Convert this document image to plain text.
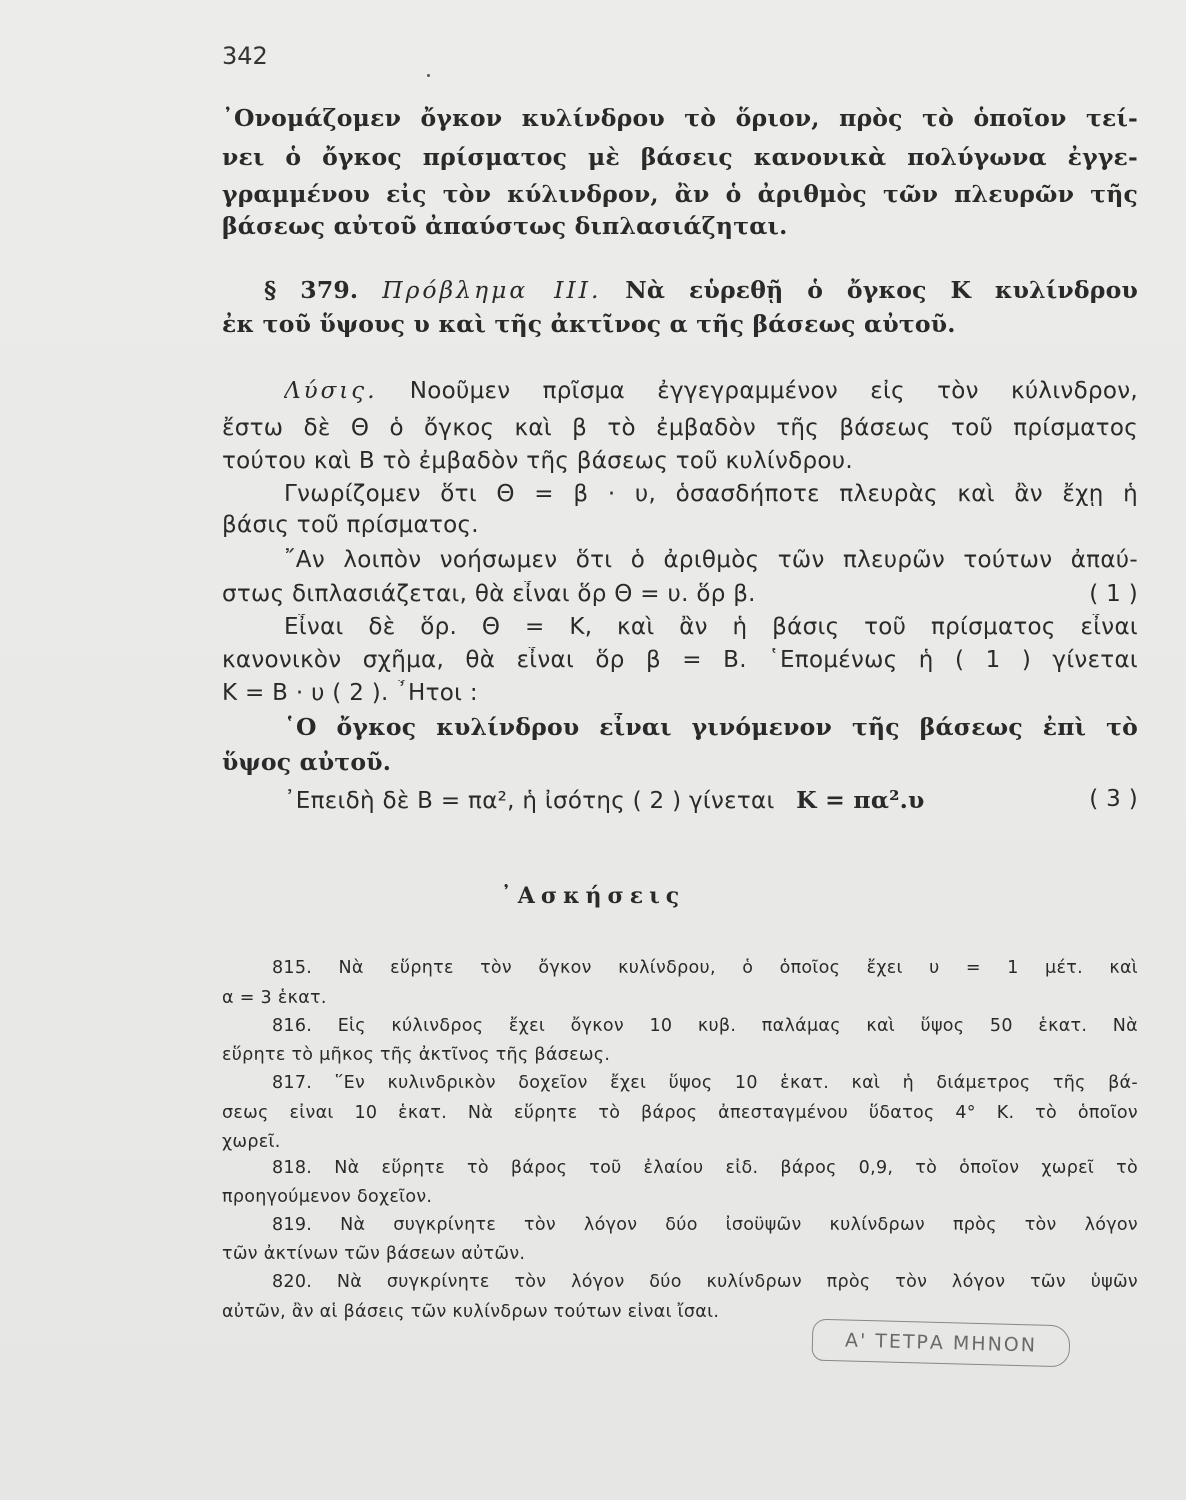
342
᾿Ονομάζομεν ὄγκον κυλίνδρου τὸ ὅριον, πρὸς τὸ ὁποῖον τεί-
νει ὁ ὄγκος πρίσματος μὲ βάσεις κανονικὰ πολύγωνα ἐγγε-
γραμμένου εἰς τὸν κύλινδρον, ἂν ὁ ἀριθμὸς τῶν πλευρῶν τῆς
βάσεως αὐτοῦ ἀπαύστως διπλασιάζηται.
§ 379. Πρόβλημα III. Νὰ εὑρεθῇ ὁ ὄγκος Κ κυλίνδρου
ἐκ τοῦ ὕψους υ καὶ τῆς ἀκτῖνος α τῆς βάσεως αὐτοῦ.
Λύσις. Νοοῦμεν πρῖσμα ἐγγεγραμμένον εἰς τὸν κύλινδρον,
ἔστω δὲ Θ ὁ ὄγκος καὶ β τὸ ἐμβαδὸν τῆς βάσεως τοῦ πρίσματος
τούτου καὶ Β τὸ ἐμβαδὸν τῆς βάσεως τοῦ κυλίνδρου.
Γνωρίζομεν ὅτι Θ = β · υ, ὁσασδήποτε πλευρὰς καὶ ἂν ἔχῃ ἡ
βάσις τοῦ πρίσματος.
῎Αν λοιπὸν νοήσωμεν ὅτι ὁ ἀριθμὸς τῶν πλευρῶν τούτων ἀπαύ-
στως διπλασιάζεται, θὰ εἶναι ὅρ Θ = υ. ὅρ β.	( 1 )
Εἶναι δὲ ὅρ. Θ = Κ, καὶ ἂν ἡ βάσις τοῦ πρίσματος εἶναι
κανονικὸν σχῆμα, θὰ εἶναι ὅρ β = Β. ῾Επομένως ἡ ( 1 ) γίνεται
Κ = Β · υ ( 2 ). ῏Ητοι :
῾Ο ὄγκος κυλίνδρου εἶναι γινόμενον τῆς βάσεως ἐπὶ τὸ
ὕψος αὐτοῦ.
᾿Επειδὴ δὲ Β = πα², ἡ ἰσότης ( 2 ) γίνεται Κ = πα².υ	( 3 )
᾿Ασκήσεις
815. Νὰ εὕρητε τὸν ὄγκον κυλίνδρου, ὁ ὁποῖος ἔχει υ = 1 μέτ. καὶ
α = 3 ἑκατ.
816. Εἷς κύλινδρος ἔχει ὄγκον 10 κυβ. παλάμας καὶ ὕψος 50 ἑκατ. Νὰ
εὕρητε τὸ μῆκος τῆς ἀκτῖνος τῆς βάσεως.
817. ῞Εν κυλινδρικὸν δοχεῖον ἔχει ὕψος 10 ἑκατ. καὶ ἡ διάμετρος τῆς βά-
σεως εἶναι 10 ἑκατ. Νὰ εὕρητε τὸ βάρος ἀπεσταγμένου ὕδατος 4° Κ. τὸ ὁποῖον
χωρεῖ.
818. Νὰ εὕρητε τὸ βάρος τοῦ ἐλαίου εἰδ. βάρος 0,9, τὸ ὁποῖον χωρεῖ τὸ
προηγούμενον δοχεῖον.
819. Νὰ συγκρίνητε τὸν λόγον δύο ἰσοϋψῶν κυλίνδρων πρὸς τὸν λόγον
τῶν ἀκτίνων τῶν βάσεων αὐτῶν.
820. Νὰ συγκρίνητε τὸν λόγον δύο κυλίνδρων πρὸς τὸν λόγον τῶν ὑψῶν
αὐτῶν, ἂν αἱ βάσεις τῶν κυλίνδρων τούτων εἶναι ἴσαι.
Α' ΤΕΤΡΑ ΜΗΝΟΝ
